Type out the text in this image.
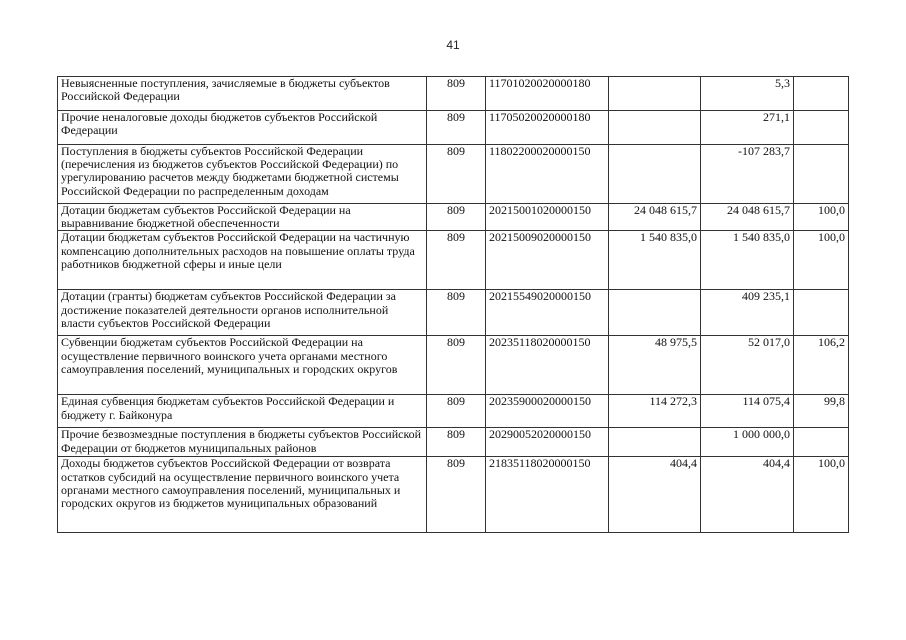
41
Невыясненные поступления, зачисляемые в бюджеты субъектов Российской Федерации	809	11701020020000180		5,3	
Прочие неналоговые доходы бюджетов субъектов Российской Федерации	809	11705020020000180		271,1	
Поступления в бюджеты субъектов Российской Федерации (перечисления из бюджетов субъектов Российской Федерации) по урегулированию расчетов между бюджетами бюджетной системы Российской Федерации по распределенным доходам	809	11802200020000150		-107 283,7	
Дотации бюджетам субъектов Российской Федерации на выравнивание бюджетной обеспеченности	809	20215001020000150	24 048 615,7	24 048 615,7	100,0
Дотации бюджетам субъектов Российской Федерации на частичную компенсацию дополнительных расходов на повышение оплаты труда работников бюджетной сферы и иные цели	809	20215009020000150	1 540 835,0	1 540 835,0	100,0
Дотации (гранты) бюджетам субъектов Российской Федерации за достижение показателей деятельности органов исполнительной власти субъектов Российской Федерации	809	20215549020000150		409 235,1	
Субвенции бюджетам субъектов Российской Федерации на осуществление первичного воинского учета органами местного самоуправления поселений, муниципальных и городских округов	809	20235118020000150	48 975,5	52 017,0	106,2
Единая субвенция бюджетам субъектов Российской Федерации и бюджету г. Байконура	809	20235900020000150	114 272,3	114 075,4	99,8
Прочие безвозмездные поступления в бюджеты субъектов Российской Федерации от бюджетов муниципальных районов	809	20290052020000150		1 000 000,0	
Доходы бюджетов субъектов Российской Федерации от возврата остатков субсидий на осуществление первичного воинского учета органами местного самоуправления поселений, муниципальных и городских округов из бюджетов муниципальных образований	809	21835118020000150	404,4	404,4	100,0
